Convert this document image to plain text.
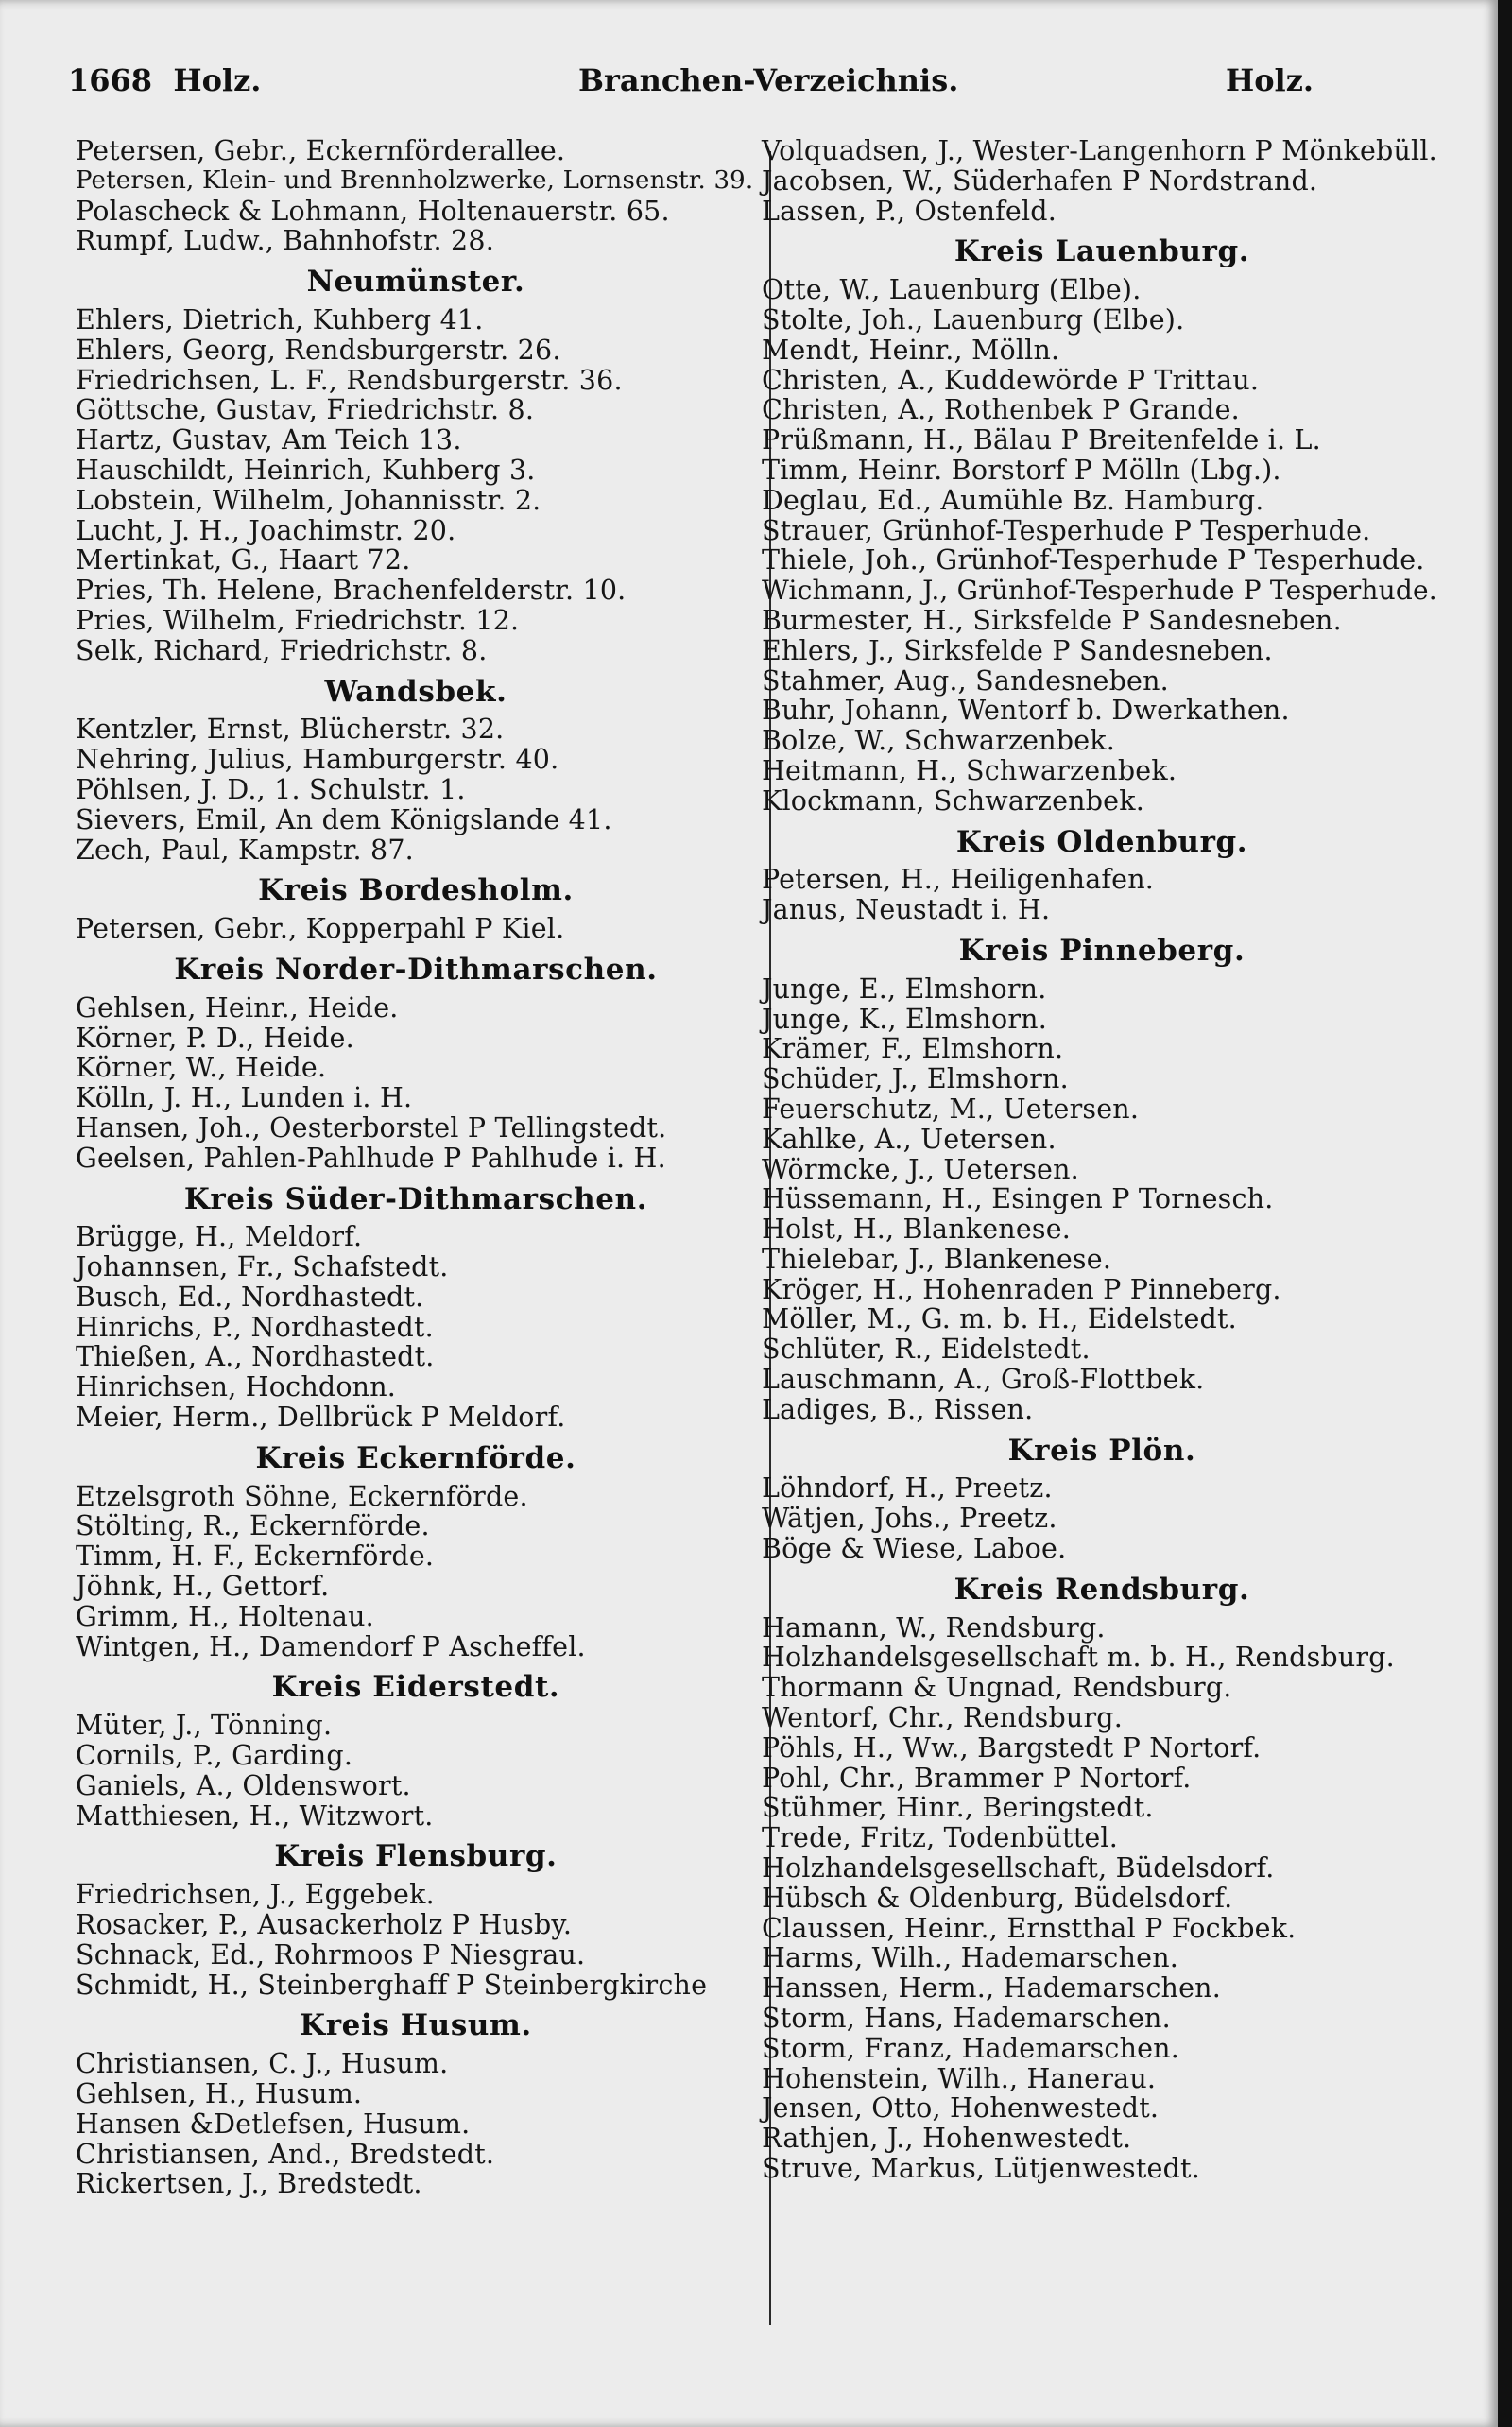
1668 Holz.	Branchen-Verzeichnis.	Holz.
Petersen, Gebr., Eckernförderallee.
Petersen, Klein- und Brennholzwerke, Lornsenstr. 39.
Polascheck & Lohmann, Holtenauerstr. 65.
Rumpf, Ludw., Bahnhofstr. 28.
Neumünster.
Ehlers, Dietrich, Kuhberg 41.
Ehlers, Georg, Rendsburgerstr. 26.
Friedrichsen, L. F., Rendsburgerstr. 36.
Göttsche, Gustav, Friedrichstr. 8.
Hartz, Gustav, Am Teich 13.
Hauschildt, Heinrich, Kuhberg 3.
Lobstein, Wilhelm, Johannisstr. 2.
Lucht, J. H., Joachimstr. 20.
Mertinkat, G., Haart 72.
Pries, Th. Helene, Brachenfelderstr. 10.
Pries, Wilhelm, Friedrichstr. 12.
Selk, Richard, Friedrichstr. 8.
Wandsbek.
Kentzler, Ernst, Blücherstr. 32.
Nehring, Julius, Hamburgerstr. 40.
Pöhlsen, J. D., 1. Schulstr. 1.
Sievers, Emil, An dem Königslande 41.
Zech, Paul, Kampstr. 87.
Kreis Bordesholm.
Petersen, Gebr., Kopperpahl P Kiel.
Kreis Norder-Dithmarschen.
Gehlsen, Heinr., Heide.
Körner, P. D., Heide.
Körner, W., Heide.
Kölln, J. H., Lunden i. H.
Hansen, Joh., Oesterborstel P Tellingstedt.
Geelsen, Pahlen-Pahlhude P Pahlhude i. H.
Kreis Süder-Dithmarschen.
Brügge, H., Meldorf.
Johannsen, Fr., Schafstedt.
Busch, Ed., Nordhastedt.
Hinrichs, P., Nordhastedt.
Thießen, A., Nordhastedt.
Hinrichsen, Hochdonn.
Meier, Herm., Dellbrück P Meldorf.
Kreis Eckernförde.
Etzelsgroth Söhne, Eckernförde.
Stölting, R., Eckernförde.
Timm, H. F., Eckernförde.
Jöhnk, H., Gettorf.
Grimm, H., Holtenau.
Wintgen, H., Damendorf P Ascheffel.
Kreis Eiderstedt.
Müter, J., Tönning.
Cornils, P., Garding.
Ganiels, A., Oldenswort.
Matthiesen, H., Witzwort.
Kreis Flensburg.
Friedrichsen, J., Eggebek.
Rosacker, P., Ausackerholz P Husby.
Schnack, Ed., Rohrmoos P Niesgrau.
Schmidt, H., Steinberghaff P Steinbergkirche
Kreis Husum.
Christiansen, C. J., Husum.
Gehlsen, H., Husum.
Hansen &Detlefsen, Husum.
Christiansen, And., Bredstedt.
Rickertsen, J., Bredstedt.
Volquadsen, J., Wester-Langenhorn P Mönkebüll.
Jacobsen, W., Süderhafen P Nordstrand.
Lassen, P., Ostenfeld.
Kreis Lauenburg.
Otte, W., Lauenburg (Elbe).
Stolte, Joh., Lauenburg (Elbe).
Mendt, Heinr., Mölln.
Christen, A., Kuddewörde P Trittau.
Christen, A., Rothenbek P Grande.
Prüßmann, H., Bälau P Breitenfelde i. L.
Timm, Heinr. Borstorf P Mölln (Lbg.).
Deglau, Ed., Aumühle Bz. Hamburg.
Strauer, Grünhof-Tesperhude P Tesperhude.
Thiele, Joh., Grünhof-Tesperhude P Tesperhude.
Wichmann, J., Grünhof-Tesperhude P Tesperhude.
Burmester, H., Sirksfelde P Sandesneben.
Ehlers, J., Sirksfelde P Sandesneben.
Stahmer, Aug., Sandesneben.
Buhr, Johann, Wentorf b. Dwerkathen.
Bolze, W., Schwarzenbek.
Heitmann, H., Schwarzenbek.
Klockmann, Schwarzenbek.
Kreis Oldenburg.
Petersen, H., Heiligenhafen.
Janus, Neustadt i. H.
Kreis Pinneberg.
Junge, E., Elmshorn.
Junge, K., Elmshorn.
Krämer, F., Elmshorn.
Schüder, J., Elmshorn.
Feuerschutz, M., Uetersen.
Kahlke, A., Uetersen.
Wörmcke, J., Uetersen.
Hüssemann, H., Esingen P Tornesch.
Holst, H., Blankenese.
Thielebar, J., Blankenese.
Kröger, H., Hohenraden P Pinneberg.
Möller, M., G. m. b. H., Eidelstedt.
Schlüter, R., Eidelstedt.
Lauschmann, A., Groß-Flottbek.
Ladiges, B., Rissen.
Kreis Plön.
Löhndorf, H., Preetz.
Wätjen, Johs., Preetz.
Böge & Wiese, Laboe.
Kreis Rendsburg.
Hamann, W., Rendsburg.
Holzhandelsgesellschaft m. b. H., Rendsburg.
Thormann & Ungnad, Rendsburg.
Wentorf, Chr., Rendsburg.
Pöhls, H., Ww., Bargstedt P Nortorf.
Pohl, Chr., Brammer P Nortorf.
Stühmer, Hinr., Beringstedt.
Trede, Fritz, Todenbüttel.
Holzhandelsgesellschaft, Büdelsdorf.
Hübsch & Oldenburg, Büdelsdorf.
Claussen, Heinr., Ernstthal P Fockbek.
Harms, Wilh., Hademarschen.
Hanssen, Herm., Hademarschen.
Storm, Hans, Hademarschen.
Storm, Franz, Hademarschen.
Hohenstein, Wilh., Hanerau.
Jensen, Otto, Hohenwestedt.
Rathjen, J., Hohenwestedt.
Struve, Markus, Lütjenwestedt.
